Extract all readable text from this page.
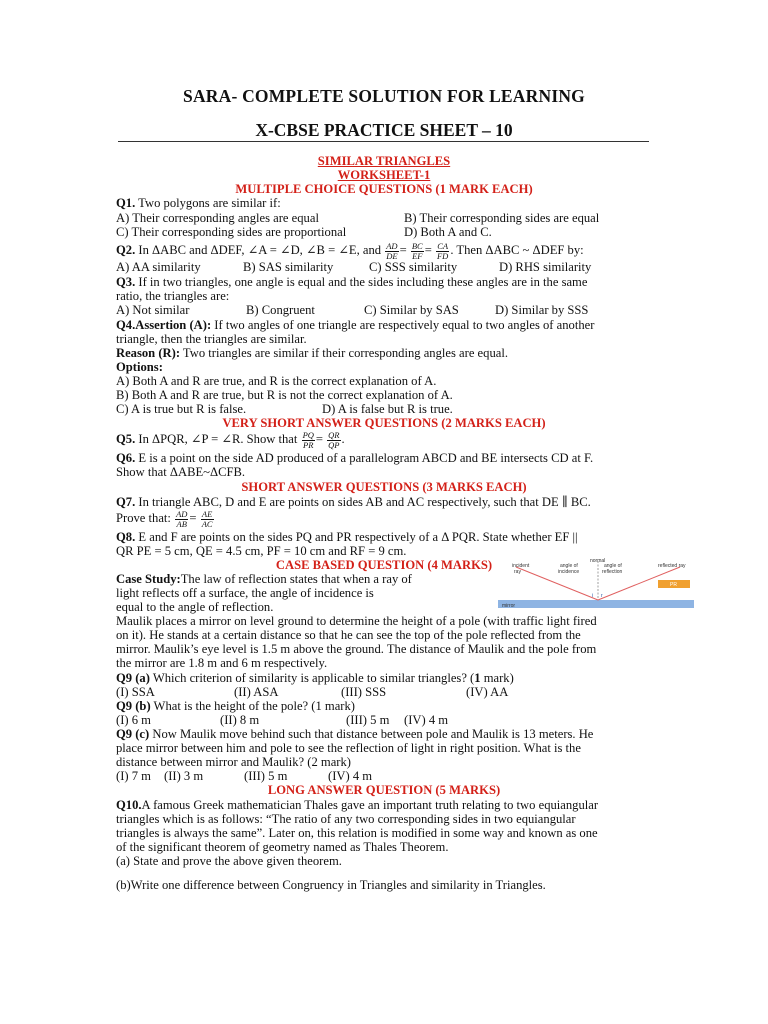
SARA- COMPLETE SOLUTION FOR LEARNING
X-CBSE PRACTICE SHEET – 10
SIMILAR TRIANGLES
WORKSHEET-1
MULTIPLE CHOICE QUESTIONS (1 MARK EACH)
Q1. Two polygons are similar if:
A) Their corresponding angles are equal	B) Their corresponding sides are equal
C) Their corresponding sides are proportional	D) Both A and C.
Q2. In ΔABC and ΔDEF, ∠A = ∠D, ∠B = ∠E, and $\frac{AD}{DE} = \frac{BC}{EF} = \frac{CA}{FD}$ . Then ΔABC ~ ΔDEF by:
A) AA similarity	B) SAS similarity	C) SSS similarity	D) RHS similarity
Q3. If in two triangles, one angle is equal and the sides including these angles are in the same
ratio, the triangles are:
A) Not similar	B) Congruent	C) Similar by SAS	D) Similar by SSS
Q4.Assertion (A): If two angles of one triangle are respectively equal to two angles of another
triangle, then the triangles are similar.
Reason (R): Two triangles are similar if their corresponding angles are equal.
Options:
A) Both A and R are true, and R is the correct explanation of A.
B) Both A and R are true, but R is not the correct explanation of A.
C) A is true but R is false.	D) A is false but R is true.
VERY SHORT ANSWER QUESTIONS (2 MARKS EACH)
Q5. In ΔPQR, ∠P = ∠R. Show that $\frac{PQ}{PR} = \frac{QR}{QP}$ .
Q6. E is a point on the side AD produced of a parallelogram ABCD and BE intersects CD at F.
Show that ΔABE~ΔCFB.
SHORT ANSWER QUESTIONS (3 MARKS EACH)
Q7. In triangle ABC, D and E are points on sides AB and AC respectively, such that DE ∥ BC.
Prove that: $\frac{AD}{AB} = \frac{AE}{AC}$
Q8. E and F are points on the sides PQ and PR respectively of a Δ PQR. State whether EF ||
QR PE = 5 cm, QE = 4.5 cm, PF = 10 cm and RF = 9 cm.
CASE BASED QUESTION (4 MARKS)
Case Study:The law of reflection states that when a ray of
light reflects off a surface, the angle of incidence is
equal to the angle of reflection.	mirror
normal
incident
ray
angle of
incidence
angle of
reflection
reflected ray
PR
i r
Maulik places a mirror on level ground to determine the height of a pole (with traffic light fired
on it). He stands at a certain distance so that he can see the top of the pole reflected from the
mirror. Maulik’s eye level is 1.5 m above the ground. The distance of Maulik and the pole from
the mirror are 1.8 m and 6 m respectively.
Q9 (a) Which criterion of similarity is applicable to similar triangles? (1 mark)
(I) SSA	(II) ASA	(III) SSS	(IV) AA
Q9 (b) What is the height of the pole? (1 mark)
(I) 6 m	(II) 8 m	(III) 5 m (IV) 4 m
Q9 (c) Now Maulik move behind such that distance between pole and Maulik is 13 meters. He
place mirror between him and pole to see the reflection of light in right position. What is the
distance between mirror and Maulik? (2 mark)
(I) 7 m (II) 3 m	(III) 5 m	(IV) 4 m
LONG ANSWER QUESTION (5 MARKS)
Q10.A famous Greek mathematician Thales gave an important truth relating to two equiangular
triangles which is as follows: “The ratio of any two corresponding sides in two equiangular
triangles is always the same”. Later on, this relation is modified in some way and known as one
of the significant theorem of geometry named as Thales Theorem.
(a) State and prove the above given theorem.
(b)Write one difference between Congruency in Triangles and similarity in Triangles.
